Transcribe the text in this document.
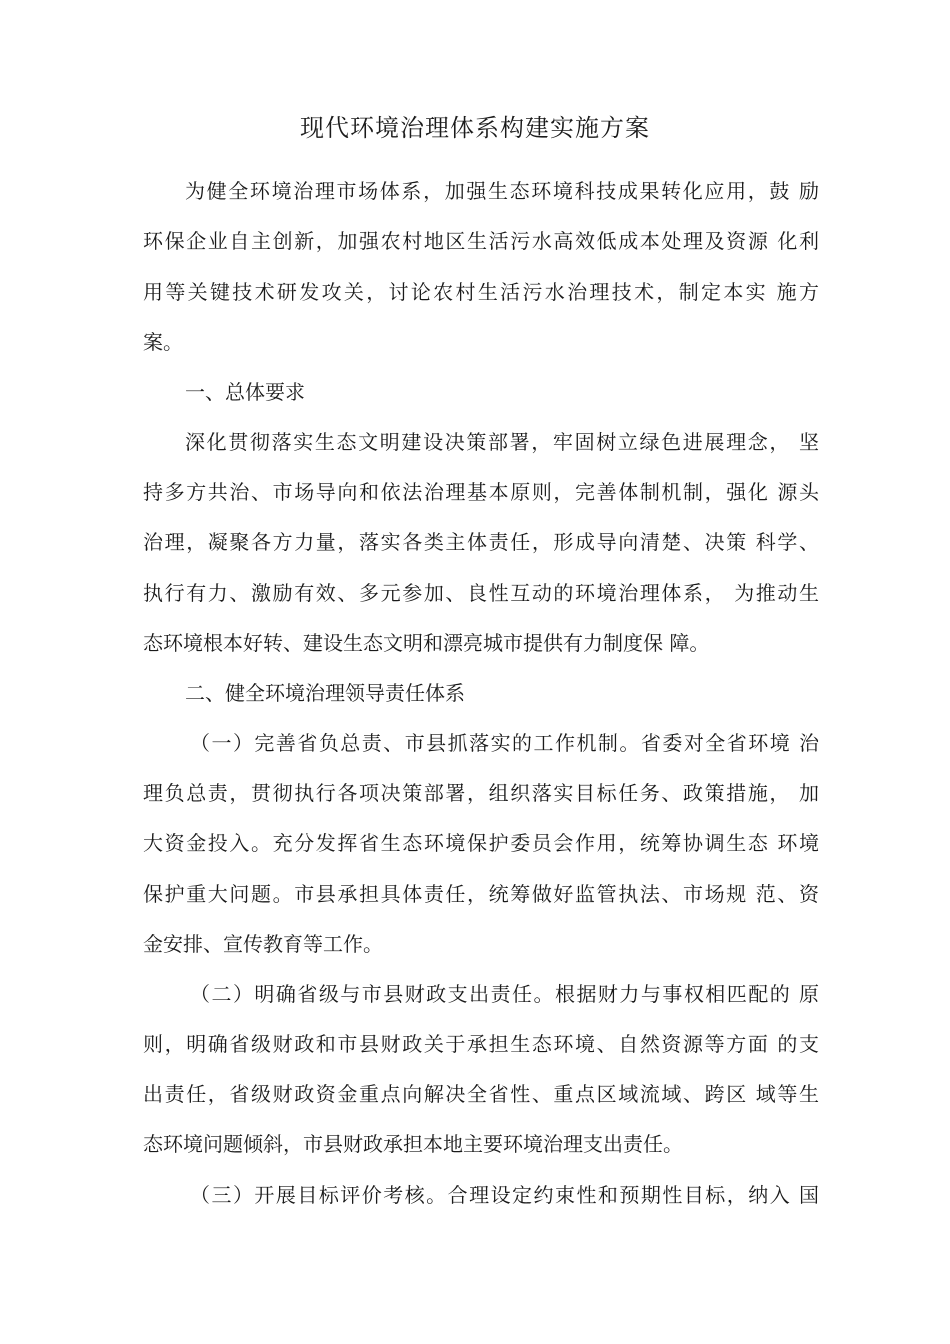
现代环境治理体系构建实施方案
为健全环境治理市场体系，加强生态环境科技成果转化应用，鼓 励
环保企业自主创新，加强农村地区生活污水高效低成本处理及资源 化利
用等关键技术研发攻关，讨论农村生活污水治理技术，制定本实 施方
案。
一、总体要求
深化贯彻落实生态文明建设决策部署，牢固树立绿色进展理念， 坚
持多方共治、市场导向和依法治理基本原则，完善体制机制，强化 源头
治理，凝聚各方力量，落实各类主体责任，形成导向清楚、决策 科学、
执行有力、激励有效、多元参加、良性互动的环境治理体系， 为推动生
态环境根本好转、建设生态文明和漂亮城市提供有力制度保 障。
二、健全环境治理领导责任体系
（一）完善省负总责、市县抓落实的工作机制。省委对全省环境 治
理负总责，贯彻执行各项决策部署，组织落实目标任务、政策措施， 加
大资金投入。充分发挥省生态环境保护委员会作用，统筹协调生态 环境
保护重大问题。市县承担具体责任，统筹做好监管执法、市场规 范、资
金安排、宣传教育等工作。
（二）明确省级与市县财政支出责任。根据财力与事权相匹配的 原
则，明确省级财政和市县财政关于承担生态环境、自然资源等方面 的支
出责任，省级财政资金重点向解决全省性、重点区域流域、跨区 域等生
态环境问题倾斜，市县财政承担本地主要环境治理支出责任。
（三）开展目标评价考核。合理设定约束性和预期性目标，纳入 国
